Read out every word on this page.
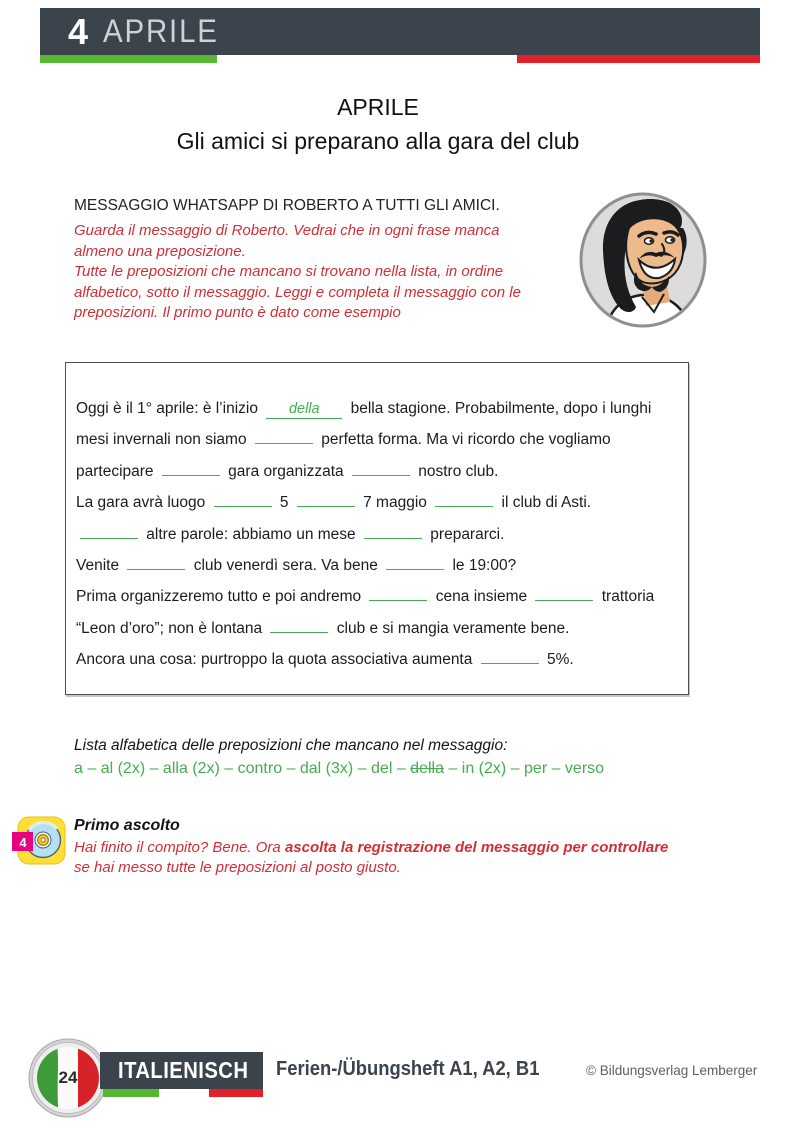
4 APRILE
APRILE
Gli amici si preparano alla gara del club
MESSAGGIO WHATSAPP DI ROBERTO A TUTTI GLI AMICI.
Guarda il messaggio di Roberto. Vedrai che in ogni frase manca
almeno una preposizione.
Tutte le preposizioni che mancano si trovano nella lista, in ordine
alfabetico, sotto il messaggio. Leggi e completa il messaggio con le
preposizioni. Il primo punto è dato come esempio
Oggi è il 1° aprile: è l’inizio della bella stagione. Probabilmente, dopo i lunghi
mesi invernali non siamo	perfetta forma. Ma vi ricordo che vogliamo
partecipare	gara organizzata	nostro club.
La gara avrà luogo	5	7 maggio	il club di Asti.
altre parole: abbiamo un mese	prepararci.
Venite	club venerdì sera. Va bene	le 19:00?
Prima organizzeremo tutto e poi andremo	cena insieme	trattoria
“Leon d’oro”; non è lontana	club e si mangia veramente bene.
Ancora una cosa: purtroppo la quota associativa aumenta	5%.
Lista alfabetica delle preposizioni che mancano nel messaggio:
a – al (2x) – alla (2x) – contro – dal (3x) – del – della – in (2x) – per – verso
4
Primo ascolto
Hai finito il compito? Bene. Ora ascolta la registrazione del messaggio per controllare
se hai messo tutte le preposizioni al posto giusto.
24	ITALIENISCH Ferien-/Übungsheft A1, A2, B1	© Bildungsverlag Lemberger
